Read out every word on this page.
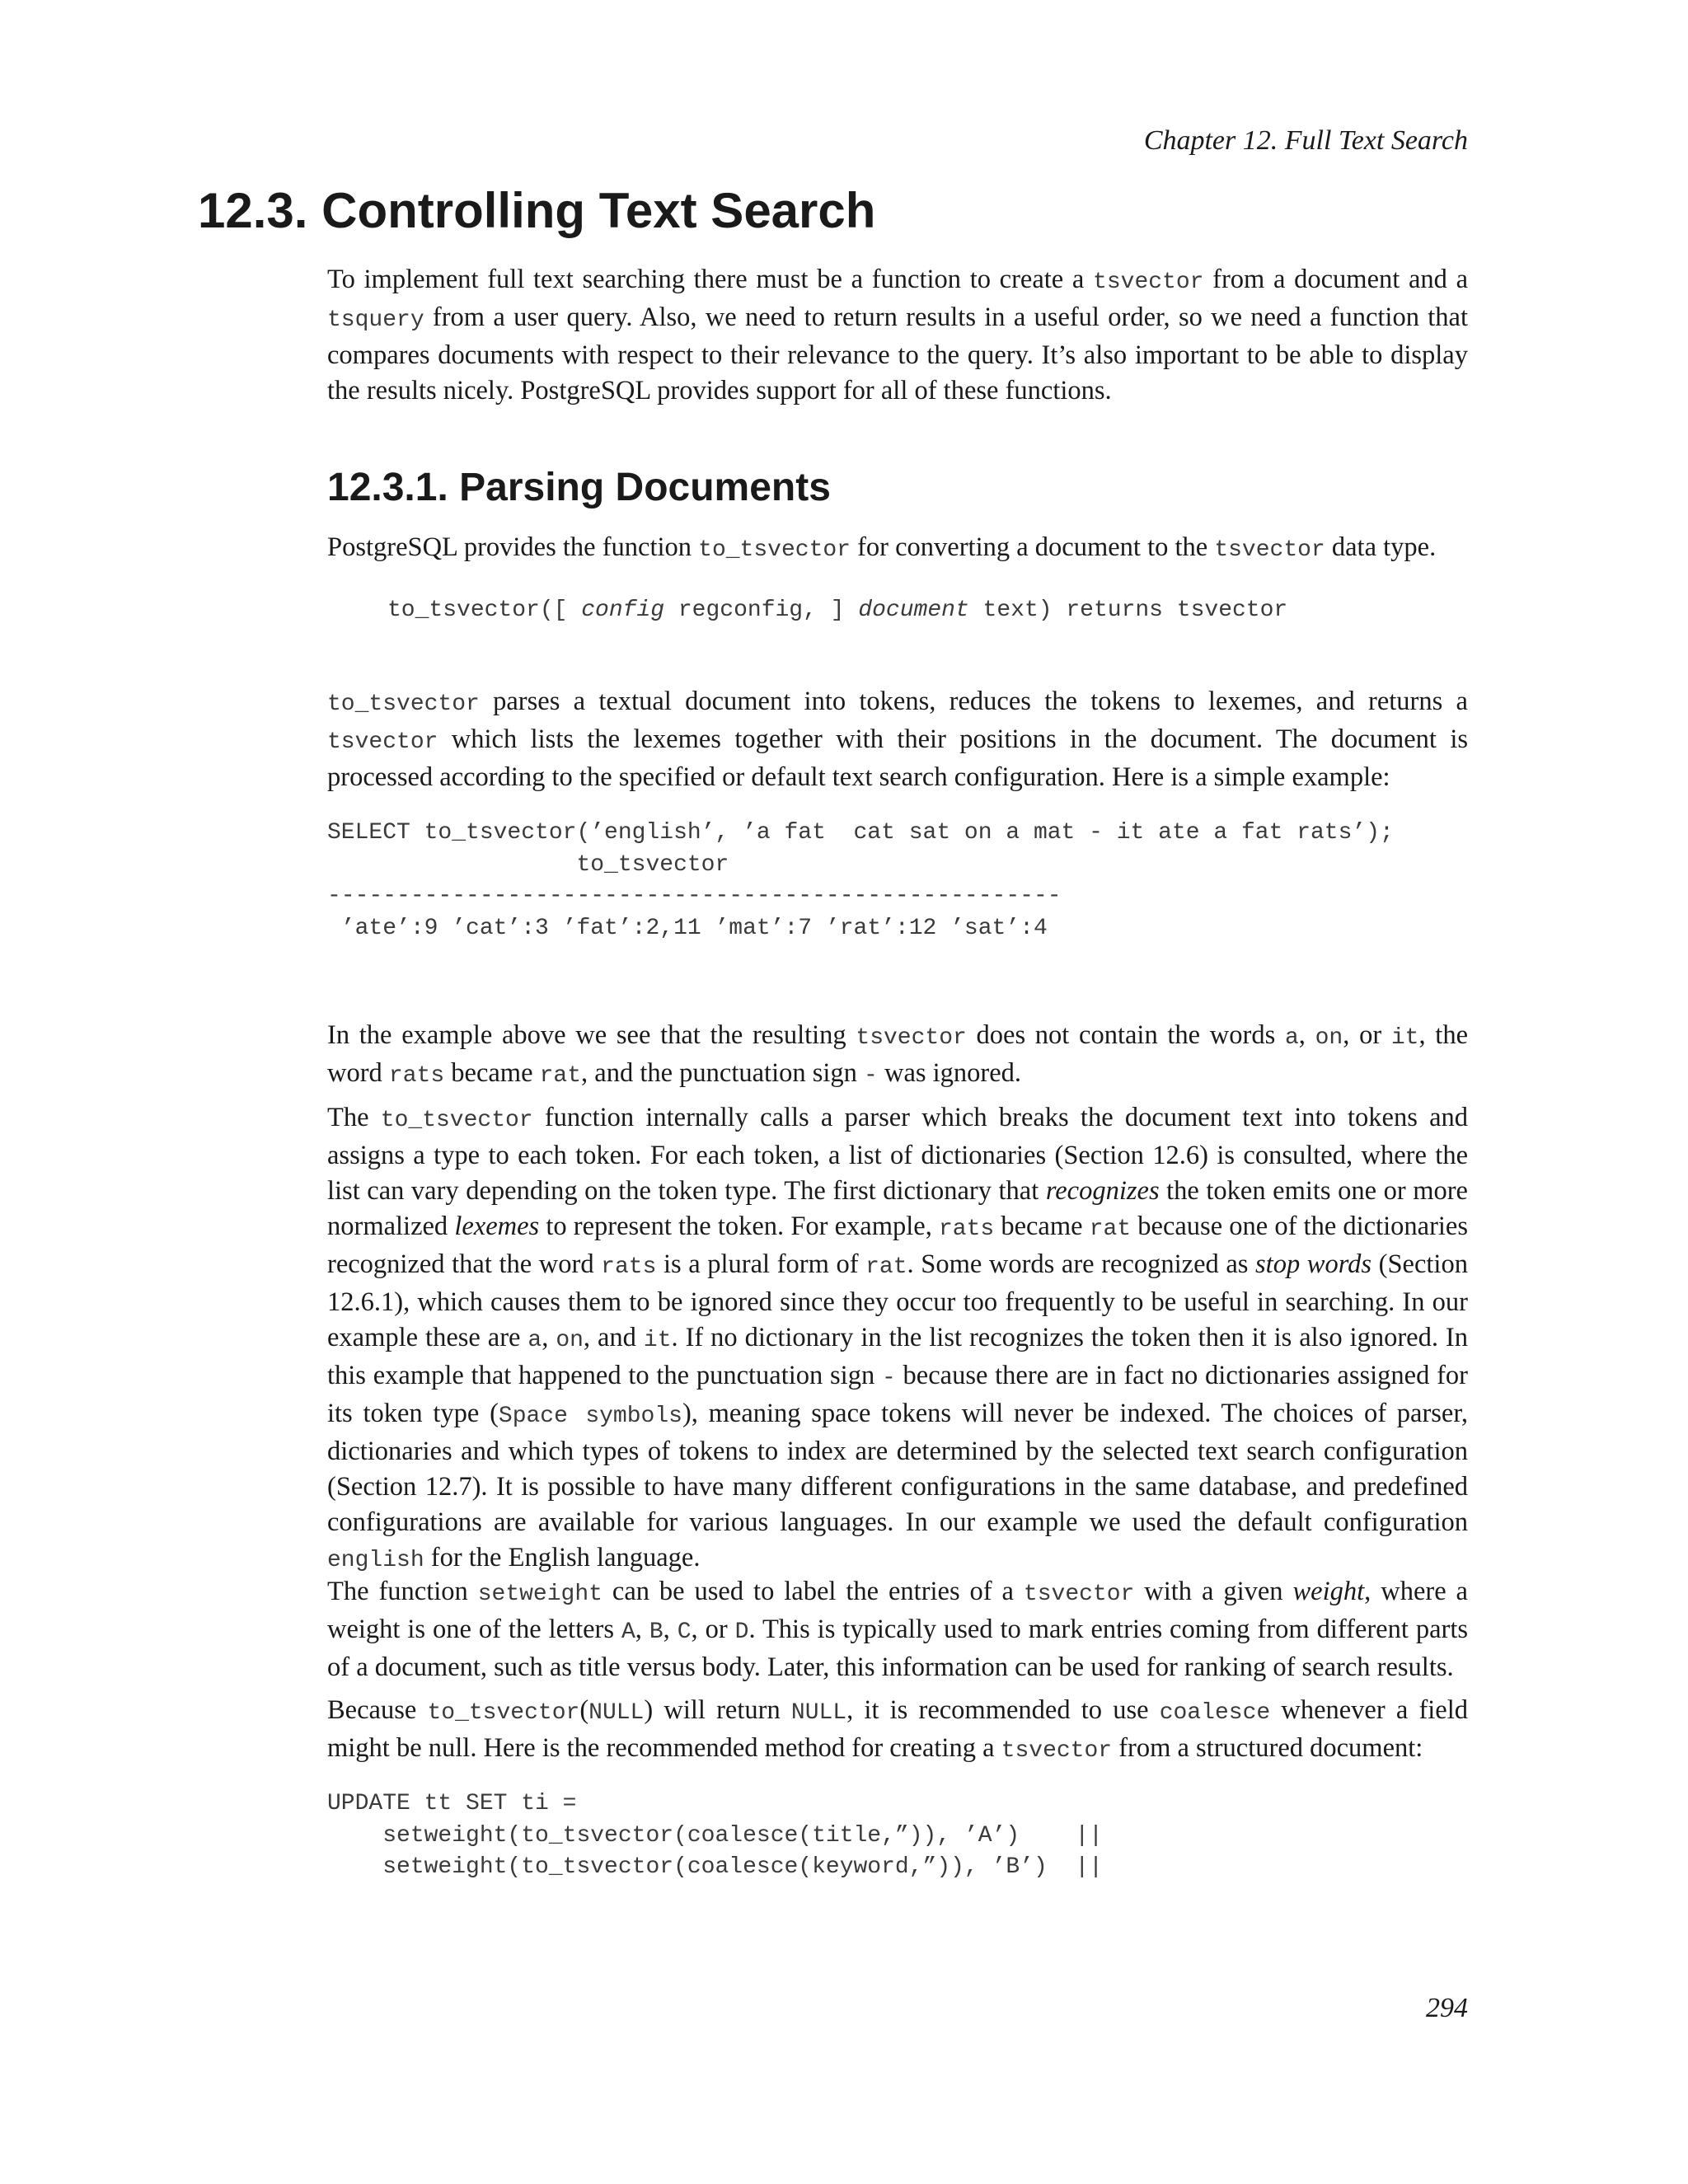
Chapter 12. Full Text Search
12.3. Controlling Text Search

To implement full text searching there must be a function to create a tsvector from a document and a tsquery from a user query. Also, we need to return results in a useful order, so we need a function that compares documents with respect to their relevance to the query. It’s also important to be able to display the results nicely. PostgreSQL provides support for all of these functions.

12.3.1. Parsing Documents

PostgreSQL provides the function to_tsvector for converting a document to the tsvector data type.

to_tsvector([ config regconfig, ] document text) returns tsvector

to_tsvector parses a textual document into tokens, reduces the tokens to lexemes, and returns a tsvector which lists the lexemes together with their positions in the document. The document is processed according to the specified or default text search configuration. Here is a simple example:

SELECT to_tsvector(’english’, ’a fat  cat sat on a mat - it ate a fat rats’);
to_tsvector
-----------------------------------------------------
’ate’:9 ’cat’:3 ’fat’:2,11 ’mat’:7 ’rat’:12 ’sat’:4

In the example above we see that the resulting tsvector does not contain the words a, on, or it, the word rats became rat, and the punctuation sign - was ignored.

The to_tsvector function internally calls a parser which breaks the document text into tokens and assigns a type to each token. For each token, a list of dictionaries (Section 12.6) is consulted, where the list can vary depending on the token type. The first dictionary that recognizes the token emits one or more normalized lexemes to represent the token. For example, rats became rat because one of the dictionaries recognized that the word rats is a plural form of rat. Some words are recognized as stop words (Section 12.6.1), which causes them to be ignored since they occur too frequently to be useful in searching. In our example these are a, on, and it. If no dictionary in the list recognizes the token then it is also ignored. In this example that happened to the punctuation sign - because there are in fact no dictionaries assigned for its token type (Space symbols), meaning space tokens will never be indexed. The choices of parser, dictionaries and which types of tokens to index are determined by the selected text search configuration (Section 12.7). It is possible to have many different configurations in the same database, and predefined configurations are available for various languages. In our example we used the default configuration english for the English language.

The function setweight can be used to label the entries of a tsvector with a given weight, where a weight is one of the letters A, B, C, or D. This is typically used to mark entries coming from different parts of a document, such as title versus body. Later, this information can be used for ranking of search results.

Because to_tsvector(NULL) will return NULL, it is recommended to use coalesce whenever a field might be null. Here is the recommended method for creating a tsvector from a structured document:

UPDATE tt SET ti =
setweight(to_tsvector(coalesce(title,”)), ’A’)    ||
setweight(to_tsvector(coalesce(keyword,”)), ’B’)  ||
294
